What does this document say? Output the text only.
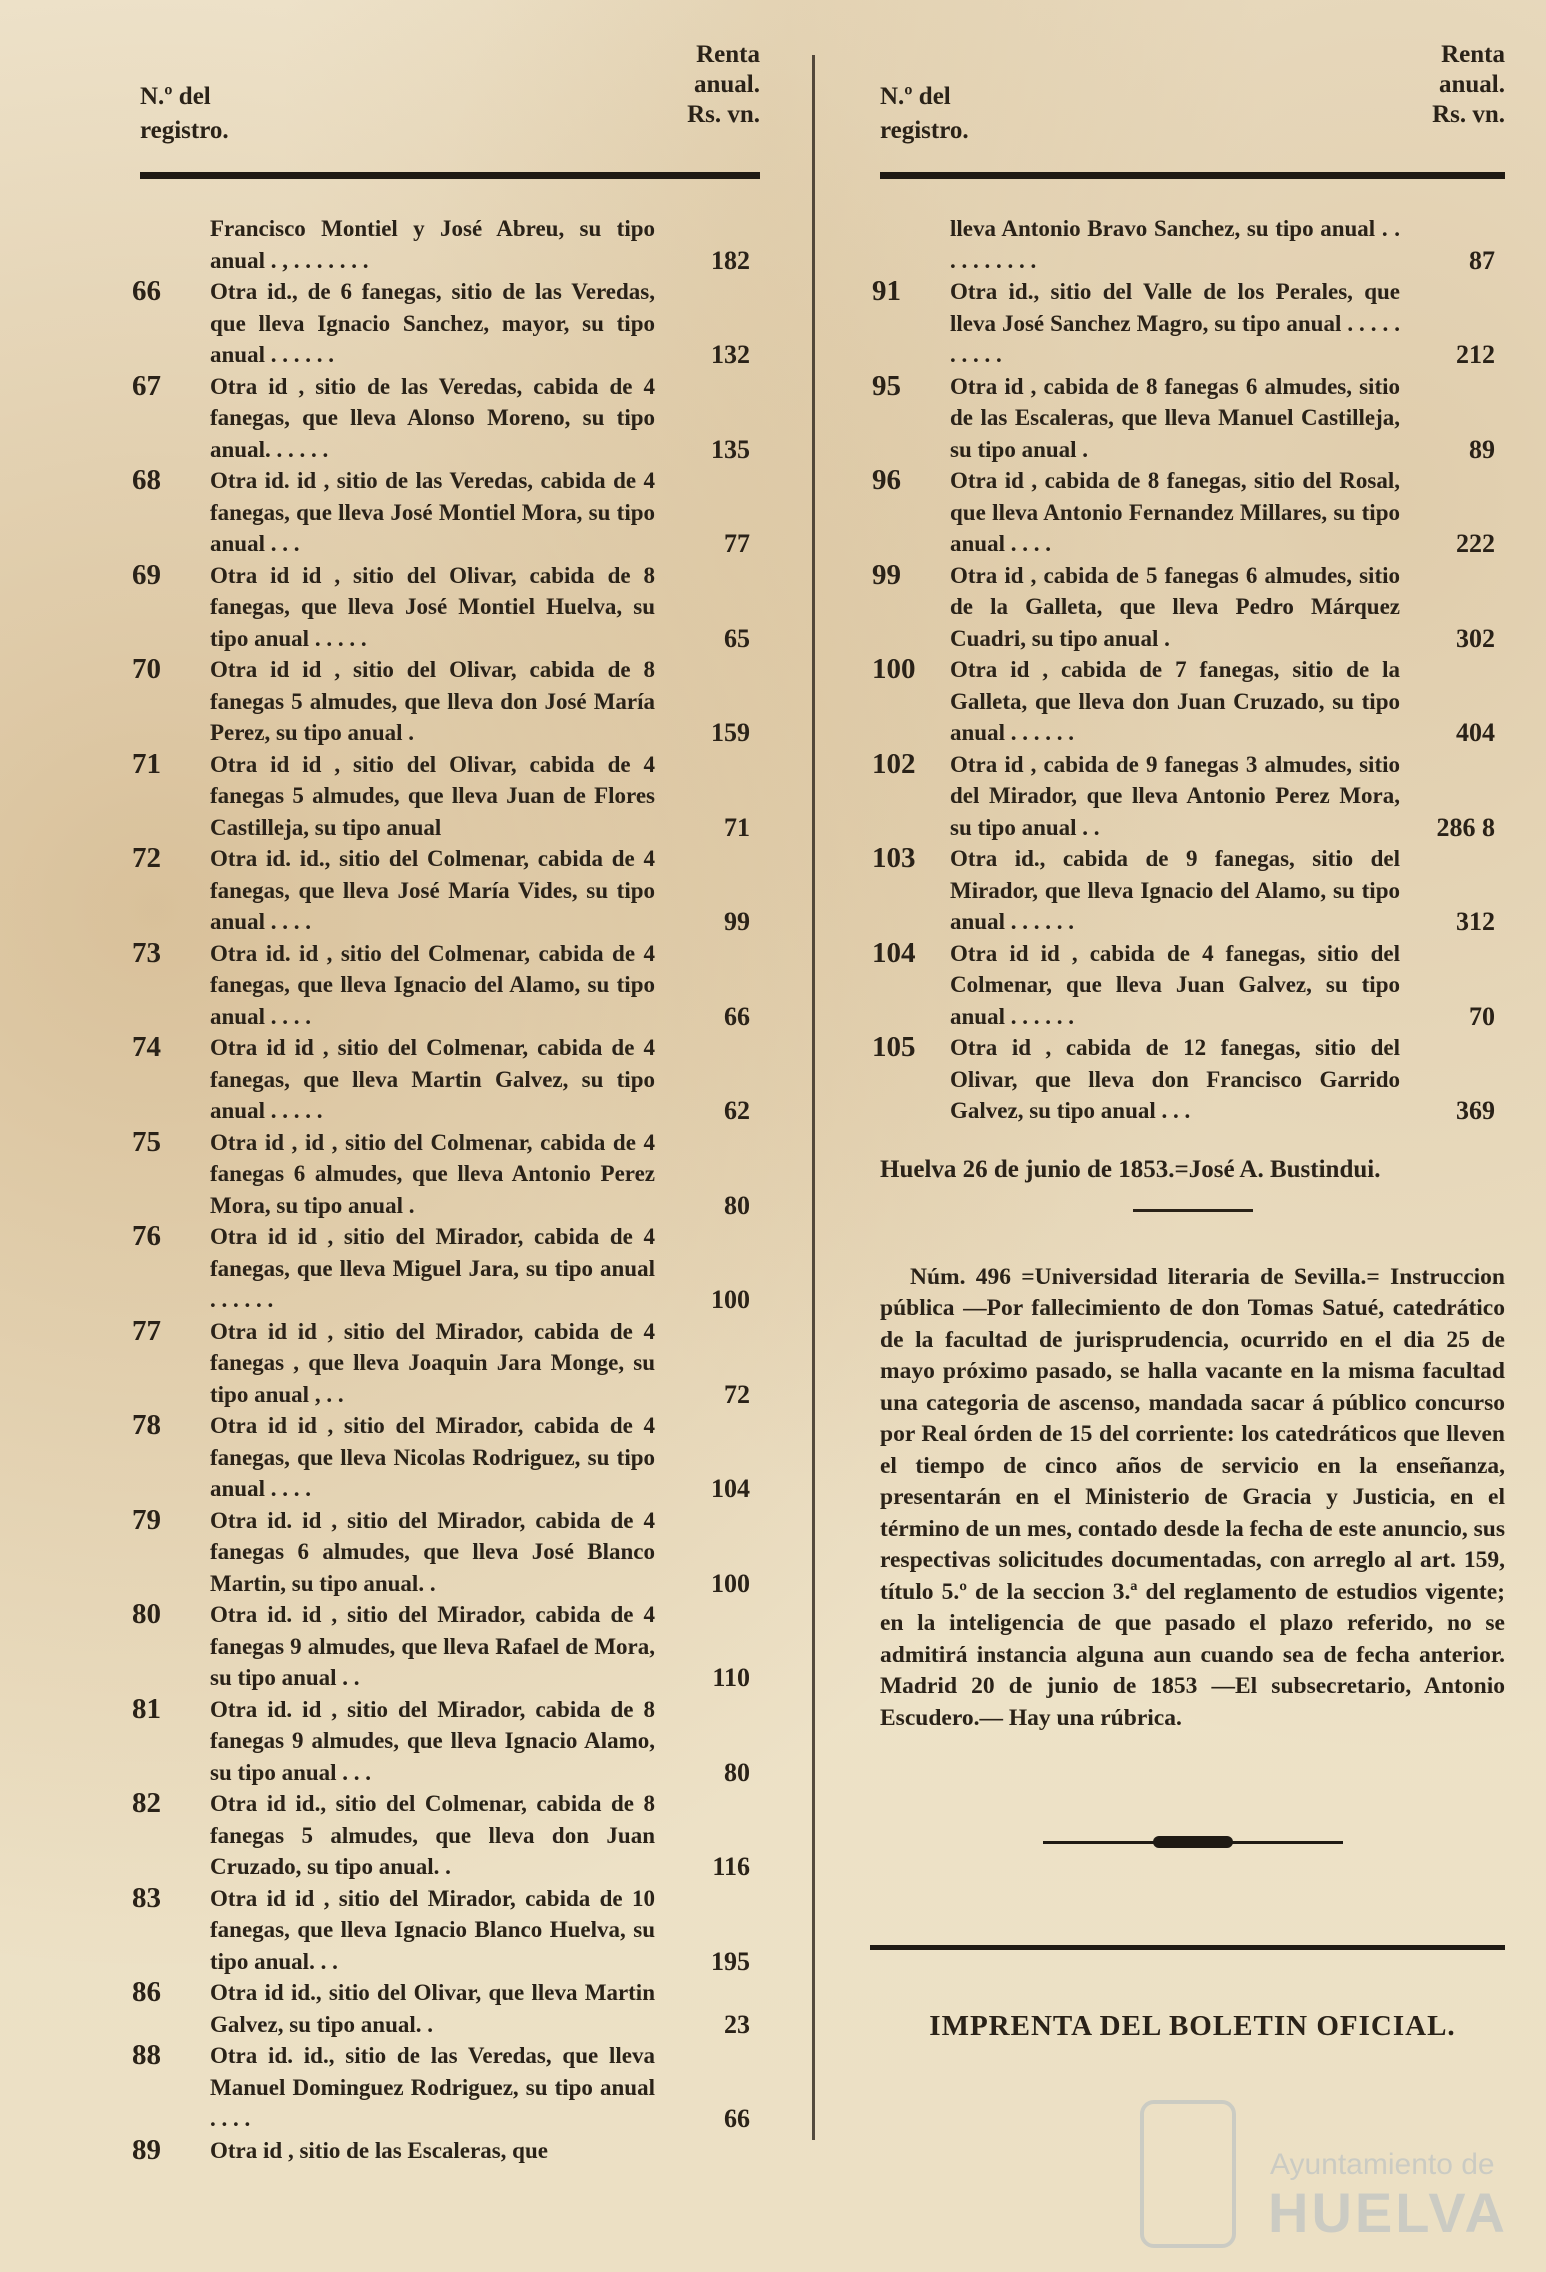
N.º del
registro.
Renta
anual.
Rs. vn.
Francisco Montiel y José Abreu, su tipo anual . , . . . . . . .	182
66	Otra id., de 6 fanegas, sitio de las Veredas, que lleva Ignacio Sanchez, mayor, su tipo anual . . . . . .	132
67	Otra id , sitio de las Veredas, cabida de 4 fanegas, que lleva Alonso Moreno, su tipo anual. . . . . .	135
68	Otra id. id , sitio de las Veredas, cabida de 4 fanegas, que lleva José Montiel Mora, su tipo anual . . .	77
69	Otra id id , sitio del Olivar, cabida de 8 fanegas, que lleva José Montiel Huelva, su tipo anual . . . . .	65
70	Otra id id , sitio del Olivar, cabida de 8 fanegas 5 almudes, que lleva don José María Perez, su tipo anual .	159
71	Otra id id , sitio del Olivar, cabida de 4 fanegas 5 almudes, que lleva Juan de Flores Castilleja, su tipo anual	71
72	Otra id. id., sitio del Colmenar, cabida de 4 fanegas, que lleva José María Vides, su tipo anual . . . .	99
73	Otra id. id , sitio del Colmenar, cabida de 4 fanegas, que lleva Ignacio del Alamo, su tipo anual . . . .	66
74	Otra id id , sitio del Colmenar, cabida de 4 fanegas, que lleva Martin Galvez, su tipo anual . . . . .	62
75	Otra id , id , sitio del Colmenar, cabida de 4 fanegas 6 almudes, que lleva Antonio Perez Mora, su tipo anual .	80
76	Otra id id , sitio del Mirador, cabida de 4 fanegas, que lleva Miguel Jara, su tipo anual . . . . . .	100
77	Otra id id , sitio del Mirador, cabida de 4 fanegas , que lleva Joaquin Jara Monge, su tipo anual , . .	72
78	Otra id id , sitio del Mirador, cabida de 4 fanegas, que lleva Nicolas Rodriguez, su tipo anual . . . .	104
79	Otra id. id , sitio del Mirador, cabida de 4 fanegas 6 almudes, que lleva José Blanco Martin, su tipo anual. .	100
80	Otra id. id , sitio del Mirador, cabida de 4 fanegas 9 almudes, que lleva Rafael de Mora, su tipo anual . .	110
81	Otra id. id , sitio del Mirador, cabida de 8 fanegas 9 almudes, que lleva Ignacio Alamo, su tipo anual . . .	80
82	Otra id id., sitio del Colmenar, cabida de 8 fanegas 5 almudes, que lleva don Juan Cruzado, su tipo anual. .	116
83	Otra id id , sitio del Mirador, cabida de 10 fanegas, que lleva Ignacio Blanco Huelva, su tipo anual. . .	195
86	Otra id id., sitio del Olivar, que lleva Martin Galvez, su tipo anual. .	23
88	Otra id. id., sitio de las Veredas, que lleva Manuel Dominguez Rodriguez, su tipo anual . . . .	66
89	Otra id , sitio de las Escaleras, que
N.º del
registro.
Renta
anual.
Rs. vn.
lleva Antonio Bravo Sanchez, su tipo anual . . . . . . . . . .	87
91	Otra id., sitio del Valle de los Perales, que lleva José Sanchez Magro, su tipo anual . . . . . . . . . .	212
95	Otra id , cabida de 8 fanegas 6 almudes, sitio de las Escaleras, que lleva Manuel Castilleja, su tipo anual .	89
96	Otra id , cabida de 8 fanegas, sitio del Rosal, que lleva Antonio Fernandez Millares, su tipo anual . . . .	222
99	Otra id , cabida de 5 fanegas 6 almudes, sitio de la Galleta, que lleva Pedro Márquez Cuadri, su tipo anual .	302
100	Otra id , cabida de 7 fanegas, sitio de la Galleta, que lleva don Juan Cruzado, su tipo anual . . . . . .	404
102	Otra id , cabida de 9 fanegas 3 almudes, sitio del Mirador, que lleva Antonio Perez Mora, su tipo anual . .	286 8
103	Otra id., cabida de 9 fanegas, sitio del Mirador, que lleva Ignacio del Alamo, su tipo anual . . . . . .	312
104	Otra id id , cabida de 4 fanegas, sitio del Colmenar, que lleva Juan Galvez, su tipo anual . . . . . .	70
105	Otra id , cabida de 12 fanegas, sitio del Olivar, que lleva don Francisco Garrido Galvez, su tipo anual . . .	369
Huelva 26 de junio de 1853.=José A. Bustindui.
Núm. 496 =Universidad literaria de Sevilla.= Instruccion pública —Por fallecimiento de don Tomas Satué, catedrático de la facultad de jurisprudencia, ocurrido en el dia 25 de mayo próximo pasado, se halla vacante en la misma facultad una categoria de ascenso, mandada sacar á público concurso por Real órden de 15 del corriente: los catedráticos que lleven el tiempo de cinco años de servicio en la enseñanza, presentarán en el Ministerio de Gracia y Justicia, en el término de un mes, contado desde la fecha de este anuncio, sus respectivas solicitudes documentadas, con arreglo al art. 159, título 5.º de la seccion 3.ª del reglamento de estudios vigente; en la inteligencia de que pasado el plazo referido, no se admitirá instancia alguna aun cuando sea de fecha anterior. Madrid 20 de junio de 1853 —El subsecretario, Antonio Escudero.— Hay una rúbrica.
IMPRENTA DEL BOLETIN OFICIAL.
Ayuntamiento de
HUELVA
